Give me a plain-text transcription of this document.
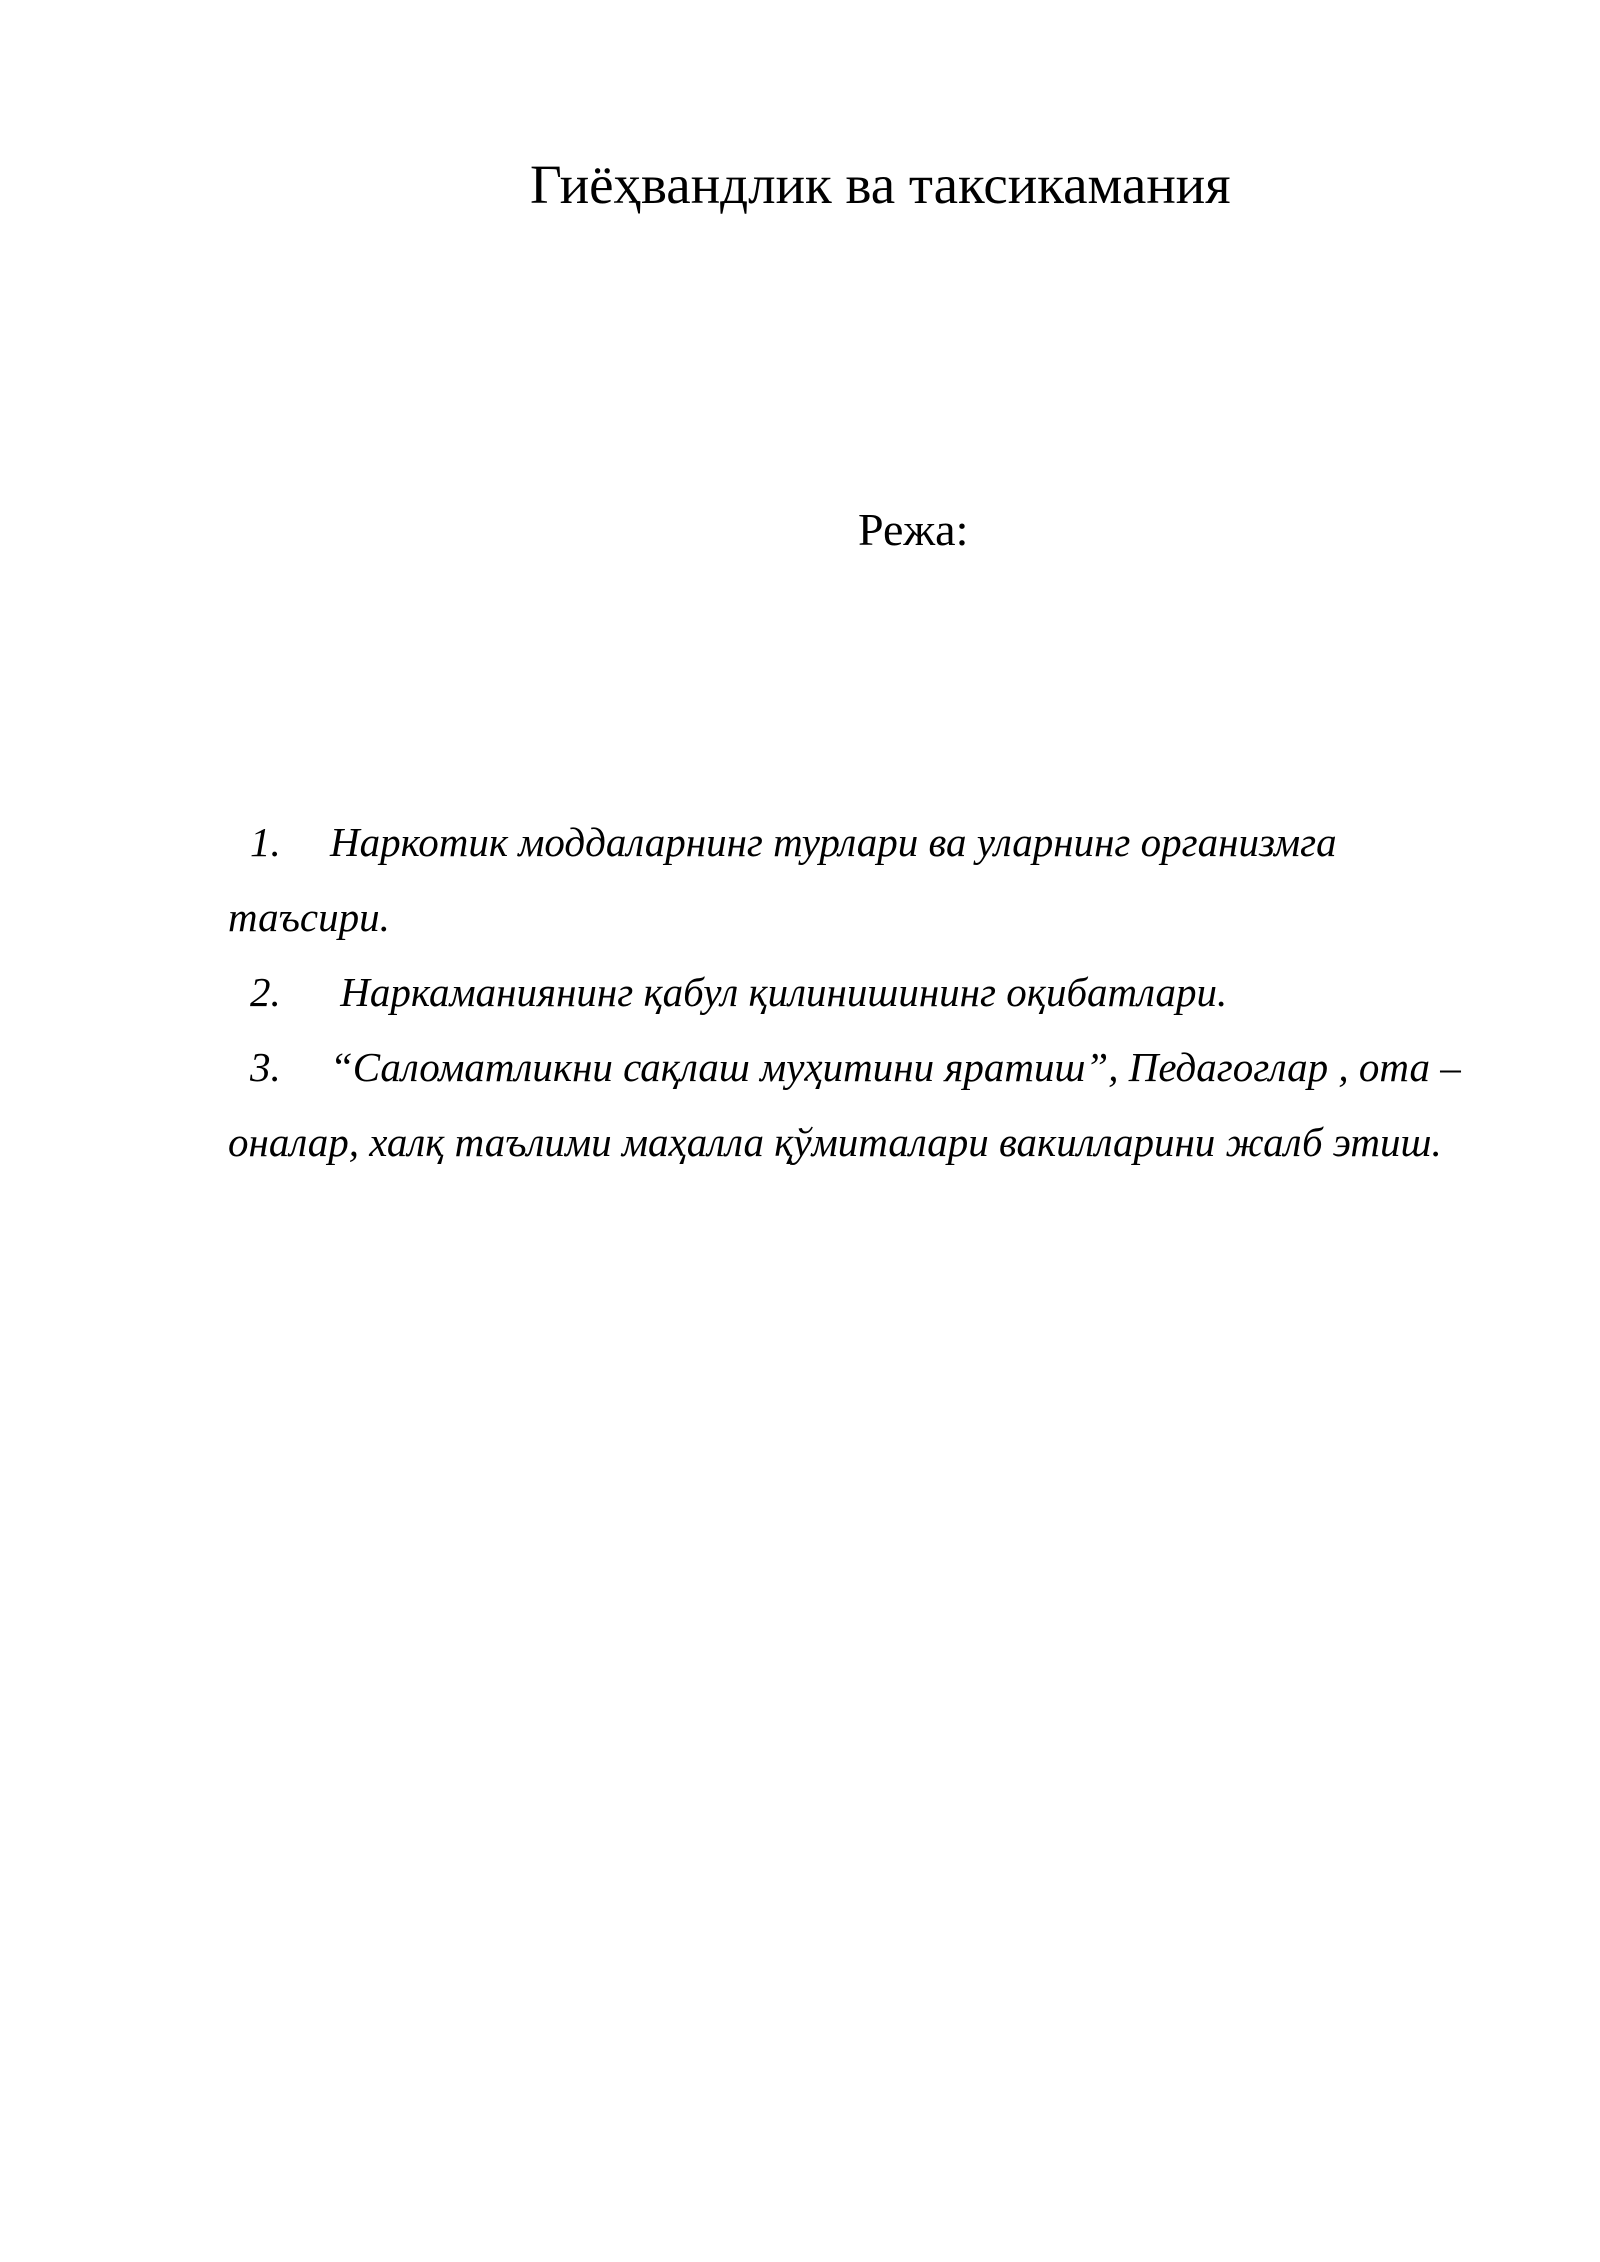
Гиёҳвандлик ва таксикамания
Режа:
1. Наркотик моддаларнинг турлари ва уларнинг организмга таъсири.
2. Наркаманиянинг қабул қилинишининг оқибатлари.
3. “Саломатликни сақлаш муҳитини яратиш”, Педагоглар , ота – оналар, халқ таълими маҳалла қўмиталари вакилларини жалб этиш.
